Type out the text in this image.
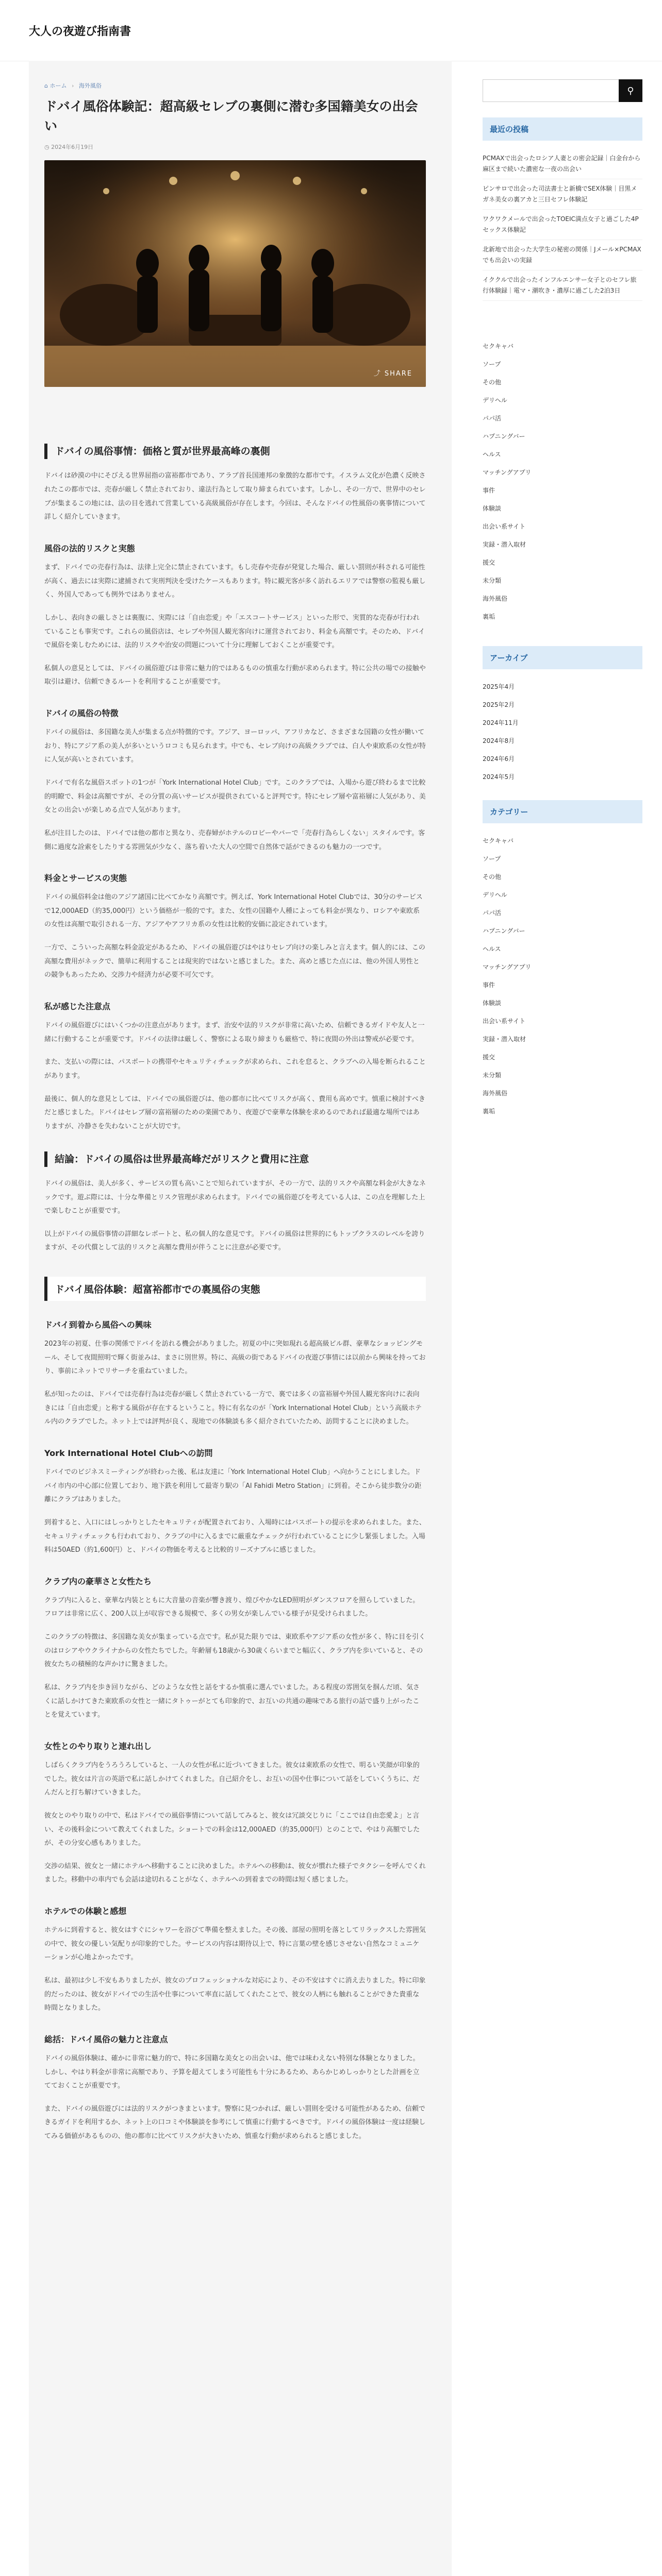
大人の夜遊び指南書
⌂ ホーム › 海外風俗
ドバイ風俗体験記：超高級セレブの裏側に潜む多国籍美女の出会い
◷ 2024年6月19日
⤴ SHARE
ドバイの風俗事情：価格と質が世界最高峰の裏側

ドバイは砂漠の中にそびえる世界屈指の富裕都市であり、アラブ首長国連邦の象徴的な都市です。イスラム文化が色濃く反映されたこの都市では、売春が厳しく禁止されており、違法行為として取り締まられています。しかし、その一方で、世界中のセレブが集まるこの地には、法の目を逃れて営業している高級風俗が存在します。今回は、そんなドバイの性風俗の裏事情について詳しく紹介していきます。

風俗の法的リスクと実態

まず、ドバイでの売春行為は、法律上完全に禁止されています。もし売春や売春が発覚した場合、厳しい罰則が科される可能性が高く、過去には実際に逮捕されて実刑判決を受けたケースもあります。特に観光客が多く訪れるエリアでは警察の監視も厳しく、外国人であっても例外ではありません。

しかし、表向きの厳しさとは裏腹に、実際には「自由恋愛」や「エスコートサービス」といった形で、実質的な売春が行われていることも事実です。これらの風俗店は、セレブや外国人観光客向けに運営されており、料金も高額です。そのため、ドバイで風俗を楽しむためには、法的リスクや治安の問題について十分に理解しておくことが重要です。

私個人の意見としては、ドバイの風俗遊びは非常に魅力的ではあるものの慎重な行動が求められます。特に公共の場での接触や取引は避け、信頼できるルートを利用することが重要です。

ドバイの風俗の特徴

ドバイの風俗は、多国籍な美人が集まる点が特徴的です。アジア、ヨーロッパ、アフリカなど、さまざまな国籍の女性が働いており、特にアジア系の美人が多いというロコミも見られます。中でも、セレブ向けの高級クラブでは、白人や東欧系の女性が特に人気が高いとされています。

ドバイで有名な風俗スポットの1つが「York International Hotel Club」です。このクラブでは、入場から遊び終わるまで比較的明瞭で、料金は高額ですが、その分質の高いサービスが提供されていると評判です。特にセレブ層や富裕層に人気があり、美女との出会いが楽しめる点で人気があります。

私が注目したのは、ドバイでは他の都市と異なり、売春婦がホテルのロビーやバーで「売春行為らしくない」スタイルです。客側に過度な詮索をしたりする雰囲気が少なく、落ち着いた大人の空間で自然体で話ができるのも魅力の一つです。

料金とサービスの実態

ドバイの風俗料金は他のアジア諸国に比べてかなり高額です。例えば、York International Hotel Clubでは、30分のサービスで12,000AED（約35,000円）という価格が一般的です。また、女性の国籍や人種によっても料金が異なり、ロシアや東欧系の女性は高額で取引される一方、アジアやアフリカ系の女性は比較的安価に設定されています。

一方で、こういった高額な料金設定があるため、ドバイの風俗遊びはやはりセレブ向けの楽しみと言えます。個人的には、この高額な費用がネックで、簡単に利用することは現実的ではないと感じました。また、高めと感じた点には、他の外国人男性との競争もあったため、交渉力や経済力が必要不可欠です。

私が感じた注意点

ドバイの風俗遊びにはいくつかの注意点があります。まず、治安や法的リスクが非常に高いため、信頼できるガイドや友人と一緒に行動することが重要です。ドバイの法律は厳しく、警察による取り締まりも厳格で、特に夜間の外出は警戒が必要です。

また、支払いの際には、パスポートの携帯やセキュリティチェックが求められ、これを怠ると、クラブへの入場を断られることがあります。

最後に、個人的な意見としては、ドバイでの風俗遊びは、他の都市に比べてリスクが高く、費用も高めです。慎重に検討すべきだと感じました。ドバイはセレブ層の富裕層のための楽園であり、夜遊びで豪華な体験を求めるのであれば最適な場所ではありますが、冷静さを失わないことが大切です。

結論：ドバイの風俗は世界最高峰だがリスクと費用に注意

ドバイの風俗は、美人が多く、サービスの質も高いことで知られていますが、その一方で、法的リスクや高額な料金が大きなネックです。遊ぶ際には、十分な準備とリスク管理が求められます。ドバイでの風俗遊びを考えている人は、この点を理解した上で楽しむことが重要です。

以上がドバイの風俗事情の詳細なレポートと、私の個人的な意見です。ドバイの風俗は世界的にもトップクラスのレベルを誇りますが、その代償として法的リスクと高額な費用が伴うことに注意が必要です。

ドバイ風俗体験：超富裕都市での裏風俗の実態
ドバイ到着から風俗への興味

2023年の初夏、仕事の関係でドバイを訪れる機会がありました。初夏の中に突如現れる超高級ビル群、豪華なショッピングモール、そして夜間照明で輝く街並みは、まさに別世界。特に、高級の街であるドバイの夜遊び事情には以前から興味を持っており、事前にネットでリサーチを重ねていました。

私が知ったのは、ドバイでは売春行為は売春が厳しく禁止されている一方で、裏では多くの富裕層や外国人観光客向けに表向きには「自由恋愛」と称する風俗が存在するということ。特に有名なのが「York International Hotel Club」という高級ホテル内のクラブでした。ネット上では評判が良く、現地での体験談も多く紹介されていたため、訪問することに決めました。

York International Hotel Clubへの訪問

ドバイでのビジネスミーティングが終わった後、私は友達に「York International Hotel Club」へ向かうことにしました。ドバイ市内の中心部に位置しており、地下鉄を利用して最寄り駅の「Al Fahidi Metro Station」に到着。そこから徒歩数分の距離にクラブはありました。

到着すると、入口にはしっかりとしたセキュリティが配置されており、入場時にはパスポートの提示を求められました。また、セキュリティチェックも行われており、クラブの中に入るまでに厳重なチェックが行われていることに少し緊張しました。入場料は50AED（約1,600円）と、ドバイの物価を考えると比較的リーズナブルに感じました。

クラブ内の豪華さと女性たち

クラブ内に入ると、豪華な内装とともに大音量の音楽が響き渡り、煌びやかなLED照明がダンスフロアを照らしていました。フロアは非常に広く、200人以上が収容できる規模で、多くの男女が楽しんでいる様子が見受けられました。

このクラブの特徴は、多国籍な美女が集まっている点です。私が見た限りでは、東欧系やアジア系の女性が多く、特に目を引くのはロシアやウクライナからの女性たちでした。年齢層も18歳から30歳くらいまでと幅広く、クラブ内を歩いていると、その彼女たちの積極的な声かけに驚きました。

私は、クラブ内を歩き回りながら、どのような女性と話をするか慎重に選んでいました。ある程度の雰囲気を掴んだ頃、気さくに話しかけてきた東欧系の女性と一緒にタトゥーがとても印象的で、お互いの共通の趣味である旅行の話で盛り上がったことを覚えています。

女性とのやり取りと連れ出し

しばらくクラブ内をうろうろしていると、一人の女性が私に近づいてきました。彼女は東欧系の女性で、明るい笑顔が印象的でした。彼女は片言の英語で私に話しかけてくれました。自己紹介をし、お互いの国や仕事について話をしていくうちに、だんだんと打ち解けていきました。

彼女とのやり取りの中で、私はドバイでの風俗事情について話してみると、彼女は冗談交じりに「ここでは自由恋愛よ」と言い、その後料金について教えてくれました。ショートでの料金は12,000AED（約35,000円）とのことで、やはり高額でしたが、その分安心感もありました。

交渉の結果、彼女と一緒にホテルへ移動することに決めました。ホテルへの移動は、彼女が慣れた様子でタクシーを呼んでくれました。移動中の車内でも会話は途切れることがなく、ホテルへの到着までの時間は短く感じました。

ホテルでの体験と感想

ホテルに到着すると、彼女はすぐにシャワーを浴びて準備を整えました。その後、部屋の照明を落としてリラックスした雰囲気の中で、彼女の優しい気配りが印象的でした。サービスの内容は期待以上で、特に言葉の壁を感じさせない自然なコミュニケーションが心地よかったです。

私は、最初は少し不安もありましたが、彼女のプロフェッショナルな対応により、その不安はすぐに消え去りました。特に印象的だったのは、彼女がドバイでの生活や仕事について率直に話してくれたことで、彼女の人柄にも触れることができた貴重な時間となりました。

総括：ドバイ風俗の魅力と注意点

ドバイの風俗体験は、確かに非常に魅力的で、特に多国籍な美女との出会いは、他では味わえない特別な体験となりました。しかし、やはり料金が非常に高額であり、予算を超えてしまう可能性も十分にあるため、あらかじめしっかりとした計画を立てておくことが重要です。

また、ドバイの風俗遊びには法的リスクがつきまといます。警察に見つかれば、厳しい罰則を受ける可能性があるため、信頼できるガイドを利用するか、ネット上の口コミや体験談を参考にして慎重に行動するべきです。ドバイの風俗体験は一度は経験してみる価値があるものの、他の都市に比べてリスクが大きいため、慎重な行動が求められると感じました。

⚲
最近の投稿
PCMAXで出会ったロシア人妻との密会記録｜白金台から麻区まで続いた濃密な一夜の出会い
ピンサロで出会った司法書士と新橋でSEX体験｜目黒メガネ美女の裏アカと三日セフレ体験記
ワクワクメールで出会ったTOEIC満点女子と過ごした4Pセックス体験記
北新地で出会った大学生の秘密の関係｜Jメール×PCMAXでも出会いの実録
イククルで出会ったインフルエンサー女子とのセフレ旅行体験録｜電マ・潮吹き・濃厚に過ごした2泊3日
セクキャバ
ソープ
その他
デリヘル
パパ活
ハプニングバー
ヘルス
マッチングアプリ
事件
体験談
出会い系サイト
実録・潜入取材
援交
未分類
海外風俗
裏垢
アーカイブ
2025年4月
2025年2月
2024年11月
2024年8月
2024年6月
2024年5月
カテゴリー
セクキャバ
ソープ
その他
デリヘル
パパ活
ハプニングバー
ヘルス
マッチングアプリ
事件
体験談
出会い系サイト
実録・潜入取材
援交
未分類
海外風俗
裏垢
